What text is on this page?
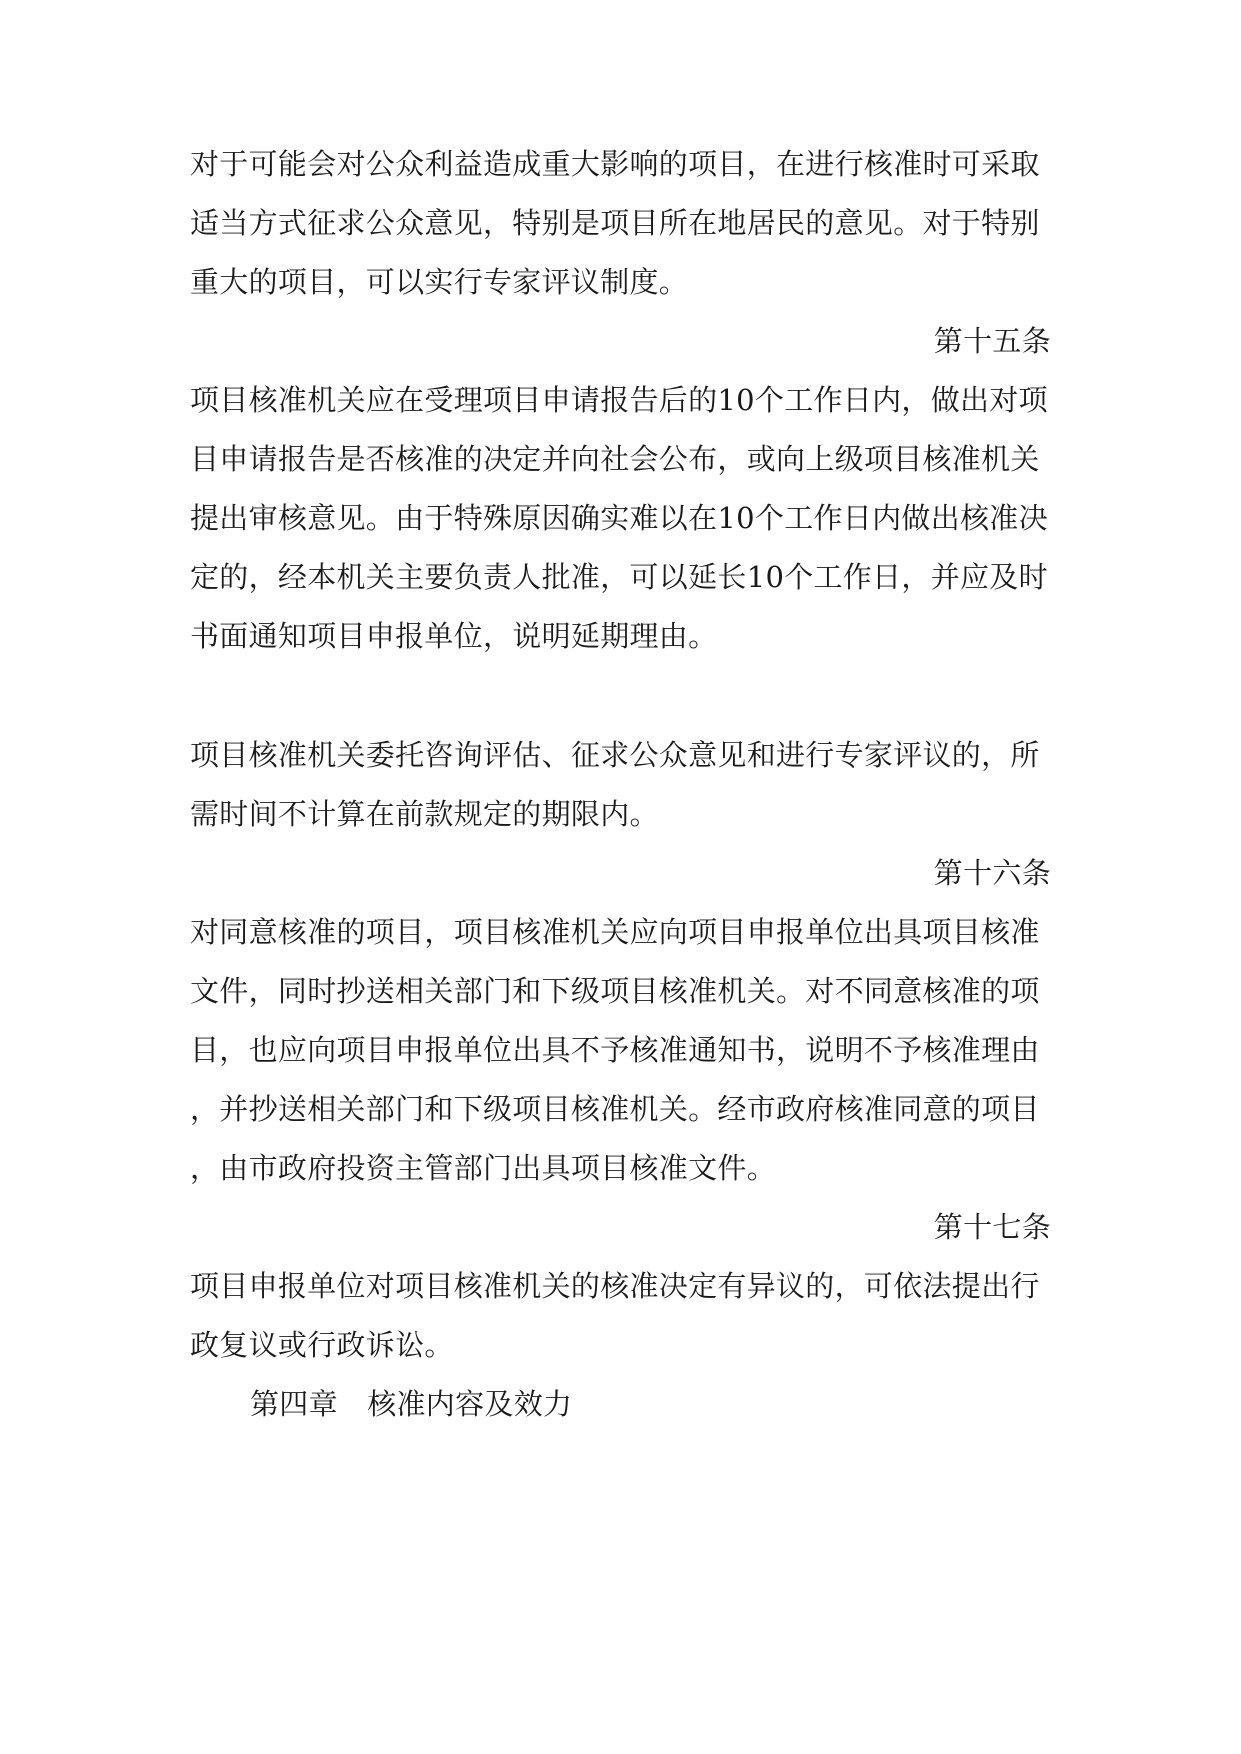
对于可能会对公众利益造成重大影响的项目，在进行核准时可采取
适当方式征求公众意见，特别是项目所在地居民的意见。对于特别
重大的项目，可以实行专家评议制度。
第十五条
项目核准机关应在受理项目申请报告后的10个工作日内，做出对项
目申请报告是否核准的决定并向社会公布，或向上级项目核准机关
提出审核意见。由于特殊原因确实难以在10个工作日内做出核准决
定的，经本机关主要负责人批准，可以延长10个工作日，并应及时
书面通知项目申报单位，说明延期理由。
项目核准机关委托咨询评估、征求公众意见和进行专家评议的，所
需时间不计算在前款规定的期限内。
第十六条
对同意核准的项目，项目核准机关应向项目申报单位出具项目核准
文件，同时抄送相关部门和下级项目核准机关。对不同意核准的项
目，也应向项目申报单位出具不予核准通知书，说明不予核准理由
，并抄送相关部门和下级项目核准机关。经市政府核准同意的项目
，由市政府投资主管部门出具项目核准文件。
第十七条
项目申报单位对项目核准机关的核准决定有异议的，可依法提出行
政复议或行政诉讼。
第四章　核准内容及效力
